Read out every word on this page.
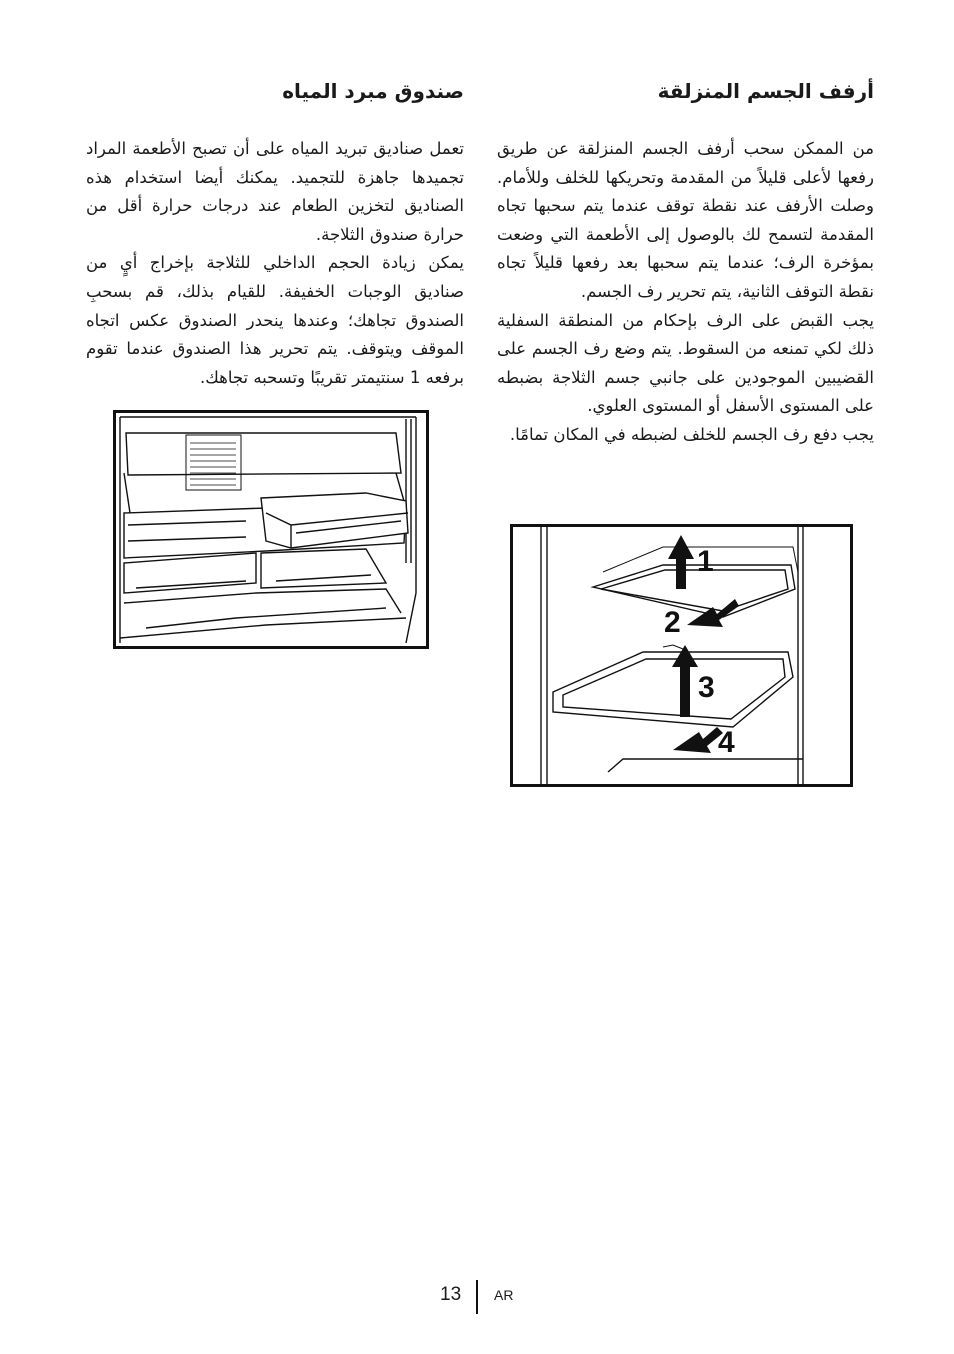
أرفف الجسم المنزلقة

من الممكن سحب أرفف الجسم المنزلقة عن طريق رفعها لأعلى قليلاً من المقدمة وتحريكها للخلف وللأمام. وصلت الأرفف عند نقطة توقف عندما يتم سحبها تجاه المقدمة لتسمح لك بالوصول إلى الأطعمة التي وضعت بمؤخرة الرف؛ عندما يتم سحبها بعد رفعها قليلاً تجاه نقطة التوقف الثانية، يتم تحرير رف الجسم.

يجب القبض على الرف بإحكام من المنطقة السفلية ذلك لكي تمنعه من السقوط. يتم وضع رف الجسم على القضيبين الموجودين على جانبي جسم الثلاجة بضبطه على المستوى الأسفل أو المستوى العلوي.

يجب دفع رف الجسم للخلف لضبطه في المكان تمامًا.

صندوق مبرد المياه

تعمل صناديق تبريد المياه على أن تصبح الأطعمة المراد تجميدها جاهزة للتجميد. يمكنك أيضا استخدام هذه الصناديق لتخزين الطعام عند درجات حرارة أقل من حرارة صندوق الثلاجة.

يمكن زيادة الحجم الداخلي للثلاجة بإخراج أيٍ من صناديق الوجبات الخفيفة. للقيام بذلك، قم بسحبِ الصندوق تجاهك؛ وعندها ينحدر الصندوق عكس اتجاه الموقف ويتوقف. يتم تحرير هذا الصندوق عندما تقوم برفعه 1 سنتيمتر تقريبًا وتسحبه تجاهك.

1
2
3
4
13 AR
